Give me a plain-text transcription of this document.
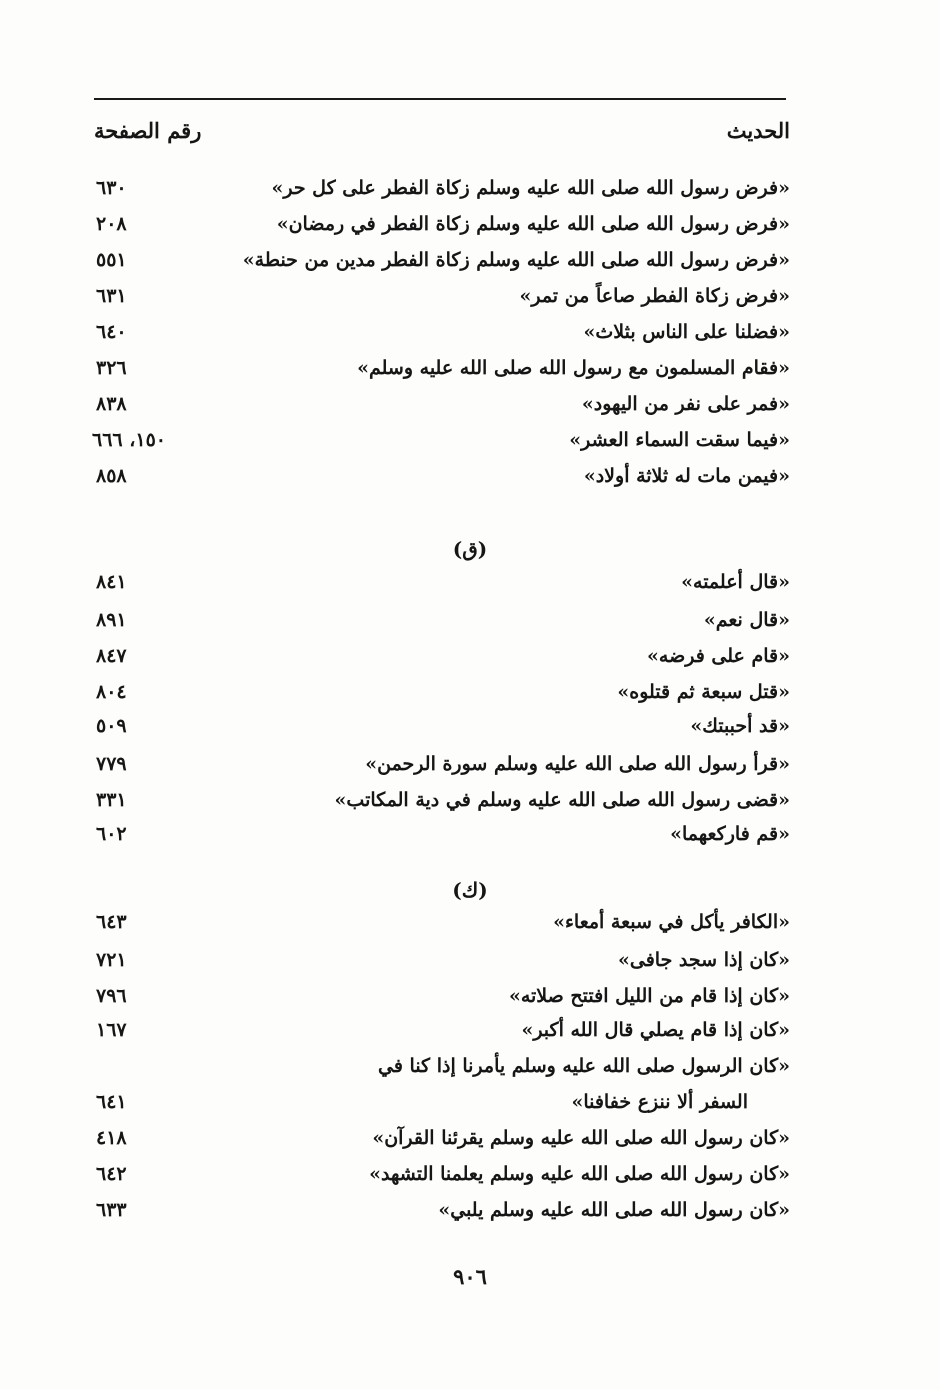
الحديث
رقم الصفحة
«فرض رسول الله صلى الله عليه وسلم زكاة الفطر على كل حر»
٦٣٠
«فرض رسول الله صلى الله عليه وسلم زكاة الفطر في رمضان»
٢٠٨
«فرض رسول الله صلى الله عليه وسلم زكاة الفطر مدين من حنطة»
٥٥١
«فرض زكاة الفطر صاعاً من تمر»
٦٣١
«فضلنا على الناس بثلاث»
٦٤٠
«فقام المسلمون مع رسول الله صلى الله عليه وسلم»
٣٢٦
«فمر على نفر من اليهود»
٨٣٨
«فيما سقت السماء العشر»
١٥٠، ٦٦٦
«فيمن مات له ثلاثة أولاد»
٨٥٨
(ق)
«قال أعلمته»
٨٤١
«قال نعم»
٨٩١
«قام على فرضه»
٨٤٧
«قتل سبعة ثم قتلوه»
٨٠٤
«قد أحببتك»
٥٠٩
«قرأ رسول الله صلى الله عليه وسلم سورة الرحمن»
٧٧٩
«قضى رسول الله صلى الله عليه وسلم في دية المكاتب»
٣٣١
«قم فاركعهما»
٦٠٢
(ك)
«الكافر يأكل في سبعة أمعاء»
٦٤٣
«كان إذا سجد جافى»
٧٢١
«كان إذا قام من الليل افتتح صلاته»
٧٩٦
«كان إذا قام يصلي قال الله أكبر»
١٦٧
«كان الرسول صلى الله عليه وسلم يأمرنا إذا كنا في
السفر ألا ننزع خفافنا»
٦٤١
«كان رسول الله صلى الله عليه وسلم يقرئنا القرآن»
٤١٨
«كان رسول الله صلى الله عليه وسلم يعلمنا التشهد»
٦٤٢
«كان رسول الله صلى الله عليه وسلم يلبي»
٦٣٣
٩٠٦
